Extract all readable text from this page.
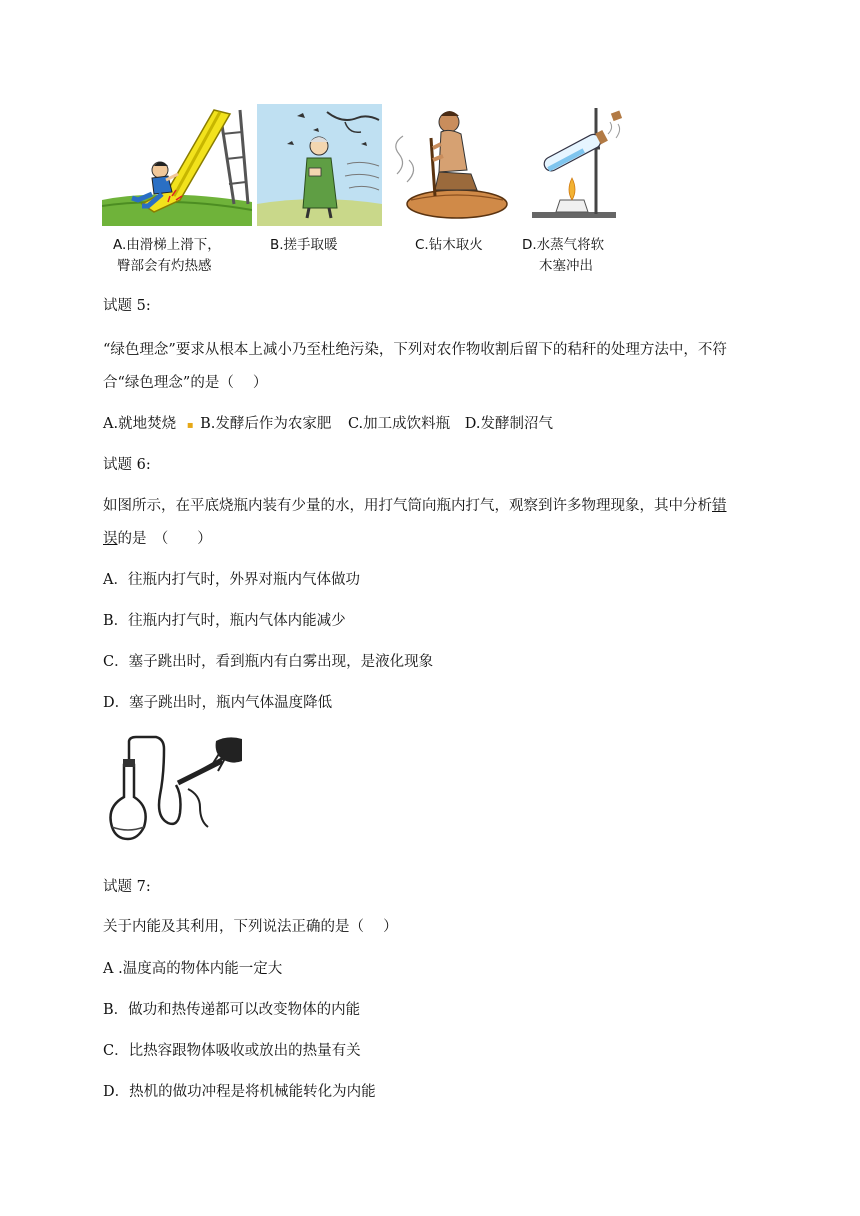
A.由滑梯上滑下，
臀部会有灼热感
B.搓手取暖	C.钻木取火	D.水蒸气将软
木塞冲出
试题 5:
“绿色理念”要求从根本上减小乃至杜绝污染，下列对农作物收割后留下的秸秆的处理方法中，不符
合“绿色理念”的是（　 ）
A.就地焚烧 ▪ B.发酵后作为农家肥 C.加工成饮料瓶 D.发酵制沼气
试题 6:
如图所示，在平底烧瓶内装有少量的水，用打气筒向瓶内打气，观察到许多物理现象，其中分析错
误的是　（　　）
A．往瓶内打气时，外界对瓶内气体做功
B．往瓶内打气时，瓶内气体内能减少
C．塞子跳出时，看到瓶内有白雾出现，是液化现象
D．塞子跳出时，瓶内气体温度降低
试题 7:
关于内能及其利用，下列说法正确的是（　 ）
A .温度高的物体内能一定大
B．做功和热传递都可以改变物体的内能
C．比热容跟物体吸收或放出的热量有关
D．热机的做功冲程是将机械能转化为内能
